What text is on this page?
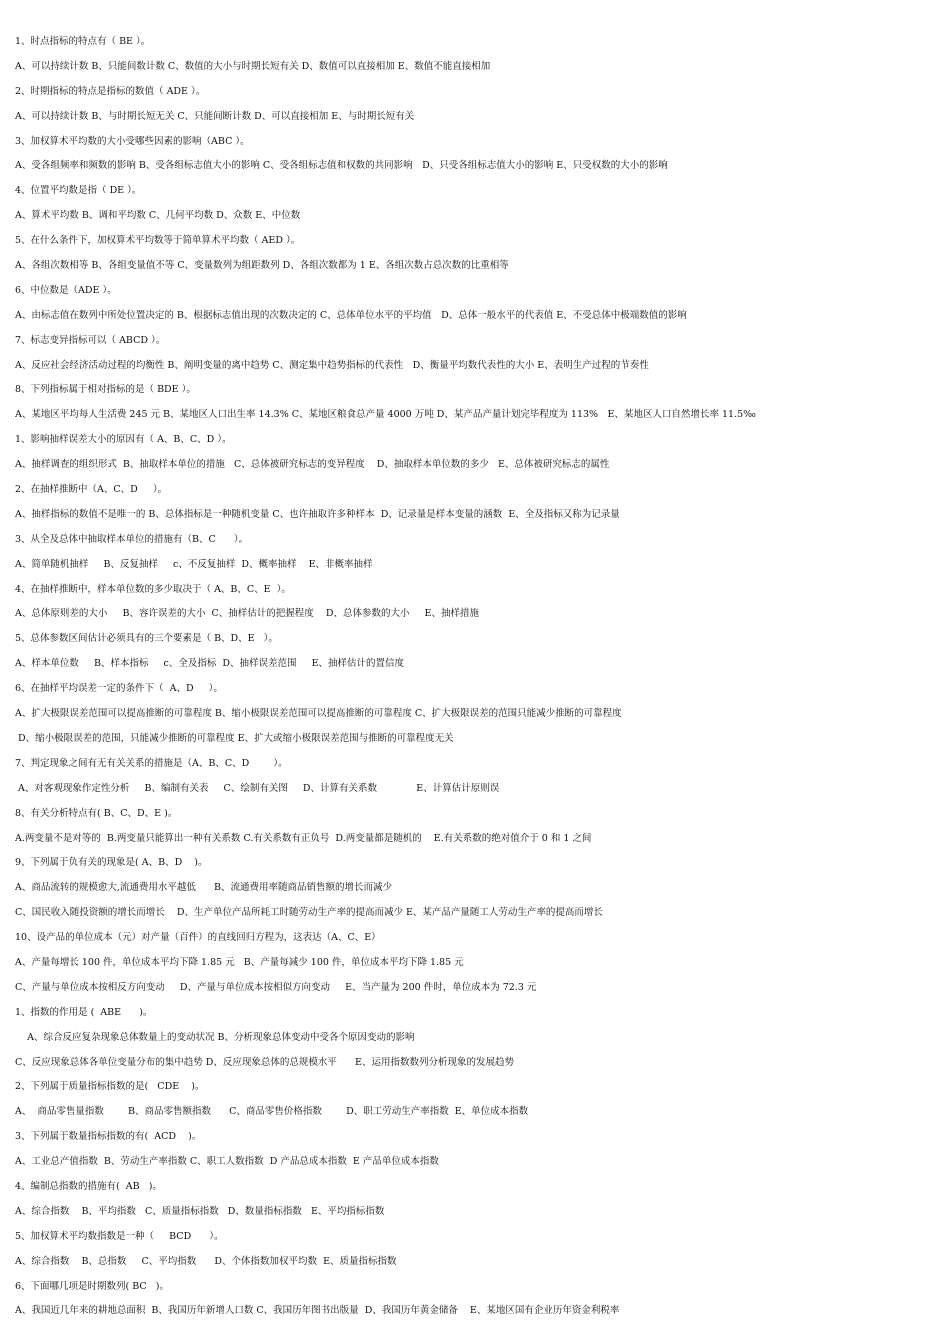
1、时点指标的特点有（ BE ）。
A、可以持续计数 B、只能间数计数 C、数值的大小与时期长短有关 D、数值可以直接相加 E、数值不能直接相加
2、时期指标的特点是指标的数值（ ADE ）。
A、可以持续计数 B、与时期长短无关 C、只能间断计数 D、可以直接相加 E、与时期长短有关
3、加权算术平均数的大小受哪些因素的影响（ABC ）。
A、受各组频率和频数的影响 B、受各组标志值大小的影响 C、受各组标志值和权数的共同影响　D、只受各组标志值大小的影响 E、只受权数的大小的影响
4、位置平均数是指（ DE ）。
A、算术平均数 B、调和平均数 C、几何平均数 D、众数 E、中位数
5、在什么条件下，加权算术平均数等于简单算术平均数（ AED ）。
A、各组次数相等 B、各组变量值不等 C、变量数列为组距数列 D、各组次数都为 1 E、各组次数占总次数的比重相等
6、中位数是（ADE ）。
A、由标志值在数列中所处位置决定的 B、根据标志值出现的次数决定的 C、总体单位水平的平均值　D、总体一般水平的代表值 E、不受总体中极端数值的影响
7、标志变异指标可以（ ABCD ）。
A、反应社会经济活动过程的均衡性 B、阐明变量的离中趋势 C、测定集中趋势指标的代表性　D、衡量平均数代表性的大小 E、表明生产过程的节奏性
8、下列指标属于相对指标的是（ BDE ）。
A、某地区平均每人生活费 245 元 B、某地区人口出生率 14.3% C、某地区粮食总产量 4000 万吨 D、某产品产量计划完毕程度为 113%　E、某地区人口自然增长率 11.5‰
1、影响抽样误差大小的原因有（ A、B、C、D ）。
A、抽样调查的组织形式  B、抽取样本单位的措施   C、总体被研究标志的变异程度    D、抽取样本单位数的多少   E、总体被研究标志的属性
2、在抽样推断中（A、C、D     ）。
A、抽样指标的数值不是唯一的 B、总体指标是一种随机变量 C、也许抽取许多种样本  D、记录量是样本变量的涵数  E、全及指标又称为记录量
3、从全及总体中抽取样本单位的措施有（B、C      ）。
A、简单随机抽样     B、反复抽样     c、不反复抽样  D、概率抽样    E、非概率抽样
4、在抽样推断中，样本单位数的多少取决于（ A、B、C、E  ）。
A、总体原则差的大小     B、容许误差的大小  C、抽样估计的把握程度    D、总体参数的大小     E、抽样措施
5、总体参数区间估计必须具有的三个要素是（ B、D、E   ）。
A、样本单位数     B、样本指标     c、全及指标  D、抽样误差范围     E、抽样估计的置信度
6、在抽样平均误差一定的条件下（  A、D     ）。
A、扩大极限误差范围可以提高推断的可靠程度 B、缩小极限误差范围可以提高推断的可靠程度 C、扩大极限误差的范围只能减少推断的可靠程度
D、缩小极限误差的范围，只能减少推断的可靠程度 E、扩大或缩小极限误差范围与推断的可靠程度无关
7、判定现象之间有无有关关系的措施是（A、B、C、D        ）。
A、对客观现象作定性分析     B、编制有关表     C、绘制有关图     D、计算有关系数             E、计算估计原则误
8、有关分析特点有( B、C、D、E )。
A.两变量不是对等的  B.两变量只能算出一种有关系数 C.有关系数有正负号  D.两变量都是随机的    E.有关系数的绝对值介于 0 和 1 之间
9、下列属于负有关的现象是( A、B、D    )。
A、商品流转的规模愈大,流通费用水平越低      B、流通费用率随商品销售额的增长而减少
C、国民收入随投资额的增长而增长    D、生产单位产品所耗工时随劳动生产率的提高而减少 E、某产品产量随工人劳动生产率的提高而增长
10、设产品的单位成本（元）对产量（百件）的直线回归方程为，这表达（A、C、E）
A、产量每增长 100 件，单位成本平均下降 1.85 元   B、产量每减少 100 件，单位成本平均下降 1.85 元
C、产量与单位成本按相反方向变动     D、产量与单位成本按相似方向变动     E、当产量为 200 件时，单位成本为 72.3 元
1、指数的作用是 (  ABE      )。
A、综合反应复杂现象总体数量上的变动状况 B、分析现象总体变动中受各个原因变动的影响
C、反应现象总体各单位变量分布的集中趋势 D、反应现象总体的总规模水平      E、运用指数数列分析现象的发展趋势
2、下列属于质量指标指数的是(   CDE    )。
A、  商品零售量指数        B、商品零售额指数      C、商品零售价格指数        D、职工劳动生产率指数  E、单位成本指数
3、下列属于数量指标指数的有(  ACD    )。
A、工业总产值指数  B、劳动生产率指数 C、职工人数指数  D 产品总成本指数  E 产品单位成本指数
4、编制总指数的措施有(  AB   )。
A、综合指数    B、平均指数   C、质量指标指数   D、数量指标指数   E、平均指标指数
5、加权算术平均数指数是一种（     BCD      ）。
A、综合指数    B、总指数     C、平均指数      D、个体指数加权平均数  E、质量指标指数
6、下面哪几项是时期数列( BC   )。
A、我国近几年来的耕地总面积  B、我国历年新增人口数 C、我国历年图书出版量  D、我国历年黄金储备    E、某地区国有企业历年资金利税率
